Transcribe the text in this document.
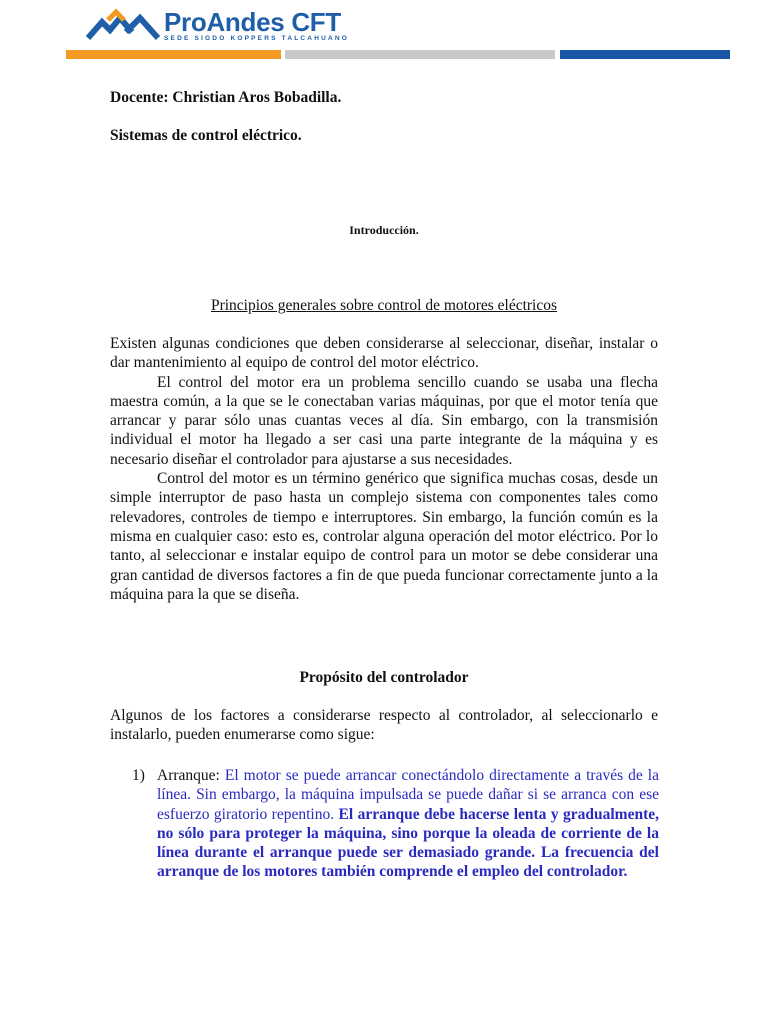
ProAndes CFT
SEDE SIGDO KOPPERS TALCAHUANO

Docente: Christian Aros Bobadilla.

Sistemas de control eléctrico.

Introducción.

Principios generales sobre control de motores eléctricos

Existen algunas condiciones que deben considerarse al seleccionar, diseñar, instalar o dar mantenimiento al equipo de control del motor eléctrico.

El control del motor era un problema sencillo cuando se usaba una flecha maestra común, a la que se le conectaban varias máquinas, por que el motor tenía que arrancar y parar sólo unas cuantas veces al día. Sin embargo, con la transmisión individual el motor ha llegado a ser casi una parte integrante de la máquina y es necesario diseñar el controlador para ajustarse a sus necesidades.

Control del motor es un término genérico que significa muchas cosas, desde un simple interruptor de paso hasta un complejo sistema con componentes tales como relevadores, controles de tiempo e interruptores. Sin embargo, la función común es la misma en cualquier caso: esto es, controlar alguna operación del motor eléctrico. Por lo tanto, al seleccionar e instalar equipo de control para un motor se debe considerar una gran cantidad de diversos factores a fin de que pueda funcionar correctamente junto a la máquina para la que se diseña.

Propósito del controlador

Algunos de los factores a considerarse respecto al controlador, al seleccionarlo e instalarlo, pueden enumerarse como sigue:

1) Arranque: El motor se puede arrancar conectándolo directamente a través de la línea. Sin embargo, la máquina impulsada se puede dañar si se arranca con ese esfuerzo giratorio repentino. El arranque debe hacerse lenta y gradualmente, no sólo para proteger la máquina, sino porque la oleada de corriente de la línea durante el arranque puede ser demasiado grande. La frecuencia del arranque de los motores también comprende el empleo del controlador.
